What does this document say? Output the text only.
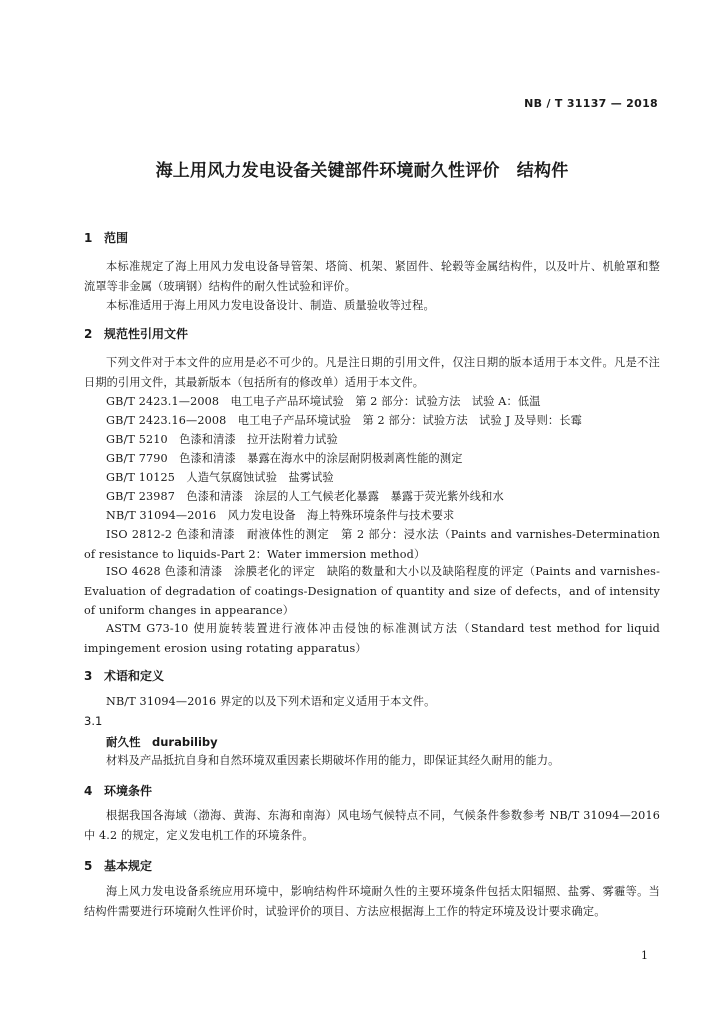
NB / T 31137 — 2018
海上用风力发电设备关键部件环境耐久性评价　结构件
1 范围
本标准规定了海上用风力发电设备导管架、塔筒、机架、紧固件、轮毂等金属结构件，以及叶片、机舱罩和整流罩等非金属（玻璃钢）结构件的耐久性试验和评价。
本标准适用于海上用风力发电设备设计、制造、质量验收等过程。
2 规范性引用文件
下列文件对于本文件的应用是必不可少的。凡是注日期的引用文件，仅注日期的版本适用于本文件。凡是不注日期的引用文件，其最新版本（包括所有的修改单）适用于本文件。
GB/T 2423.1—2008　电工电子产品环境试验　第 2 部分：试验方法　试验 A：低温
GB/T 2423.16—2008　电工电子产品环境试验　第 2 部分：试验方法　试验 J 及导则：长霉
GB/T 5210　色漆和清漆　拉开法附着力试验
GB/T 7790　色漆和清漆　暴露在海水中的涂层耐阴极剥离性能的测定
GB/T 10125　人造气氛腐蚀试验　盐雾试验
GB/T 23987　色漆和清漆　涂层的人工气候老化暴露　暴露于荧光紫外线和水
NB/T 31094—2016　风力发电设备　海上特殊环境条件与技术要求
ISO 2812-2 色漆和清漆　耐液体性的测定　第 2 部分：浸水法（Paints and varnishes-Determination of resistance to liquids-Part 2：Water immersion method）
ISO 4628 色漆和清漆　涂膜老化的评定　缺陷的数量和大小以及缺陷程度的评定（Paints and varnishes-Evaluation of degradation of coatings-Designation of quantity and size of defects，and of intensity of uniform changes in appearance）
ASTM G73-10 使用旋转装置进行液体冲击侵蚀的标准测试方法（Standard test method for liquid impingement erosion using rotating apparatus）
3 术语和定义
NB/T 31094—2016 界定的以及下列术语和定义适用于本文件。
3.1
耐久性　durabiliby
材料及产品抵抗自身和自然环境双重因素长期破坏作用的能力，即保证其经久耐用的能力。
4 环境条件
根据我国各海域（渤海、黄海、东海和南海）风电场气候特点不同，气候条件参数参考 NB/T 31094—2016 中 4.2 的规定，定义发电机工作的环境条件。
5 基本规定
海上风力发电设备系统应用环境中，影响结构件环境耐久性的主要环境条件包括太阳辐照、盐雾、雾霾等。当结构件需要进行环境耐久性评价时，试验评价的项目、方法应根据海上工作的特定环境及设计要求确定。
1
